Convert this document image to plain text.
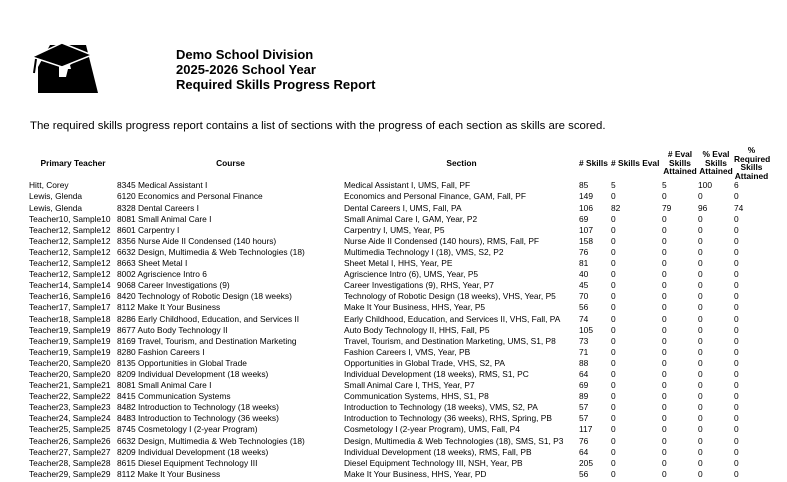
Demo School Division
2025-2026 School Year
Required Skills Progress Report
The required skills progress report contains a list of sections with the progress of each section as skills are scored.
Primary Teacher	Course	Section	# Skills	# Skills Eval	# Eval Skills Attained	% Eval Skills Attained	% Required Skills Attained
Hitt, Corey	8345 Medical Assistant I	Medical Assistant I, UMS, Fall, PF	85	5	5	100	6
Lewis, Glenda	6120 Economics and Personal Finance	Economics and Personal Finance, GAM, Fall, PF	149	0	0	0	0
Lewis, Glenda	8328 Dental Careers I	Dental Careers I, UMS, Fall, PA	106	82	79	96	74
Teacher10, Sample10	8081 Small Animal Care I	Small Animal Care I, GAM, Year, P2	69	0	0	0	0
Teacher12, Sample12	8601 Carpentry I	Carpentry I, UMS, Year, P5	107	0	0	0	0
Teacher12, Sample12	8356 Nurse Aide II Condensed (140 hours)	Nurse Aide II Condensed (140 hours), RMS, Fall, PF	158	0	0	0	0
Teacher12, Sample12	6632 Design, Multimedia & Web Technologies (18)	Multimedia Technology I (18), VMS, S2, P2	76	0	0	0	0
Teacher12, Sample12	8663 Sheet Metal I	Sheet Metal I, HHS, Year, PE	81	0	0	0	0
Teacher12, Sample12	8002 Agriscience Intro 6	Agriscience Intro (6), UMS, Year, P5	40	0	0	0	0
Teacher14, Sample14	9068 Career Investigations (9)	Career Investigations (9), RHS, Year, P7	45	0	0	0	0
Teacher16, Sample16	8420 Technology of Robotic Design (18 weeks)	Technology of Robotic Design (18 weeks), VHS, Year, P5	70	0	0	0	0
Teacher17, Sample17	8112 Make It Your Business	Make It Your Business, HHS, Year, P5	56	0	0	0	0
Teacher18, Sample18	8286 Early Childhood, Education, and Services II	Early Childhood, Education, and Services II, VHS, Fall, PA	74	0	0	0	0
Teacher19, Sample19	8677 Auto Body Technology II	Auto Body Technology II, HHS, Fall, P5	105	0	0	0	0
Teacher19, Sample19	8169 Travel, Tourism, and Destination Marketing	Travel, Tourism, and Destination Marketing, UMS, S1, P8	73	0	0	0	0
Teacher19, Sample19	8280 Fashion Careers I	Fashion Careers I, VMS, Year, PB	71	0	0	0	0
Teacher20, Sample20	8135 Opportunities in Global Trade	Opportunities in Global Trade, VHS, S2, PA	88	0	0	0	0
Teacher20, Sample20	8209 Individual Development (18 weeks)	Individual Development (18 weeks), RMS, S1, PC	64	0	0	0	0
Teacher21, Sample21	8081 Small Animal Care I	Small Animal Care I, THS, Year, P7	69	0	0	0	0
Teacher22, Sample22	8415 Communication Systems	Communication Systems, HHS, S1, P8	89	0	0	0	0
Teacher23, Sample23	8482 Introduction to Technology (18 weeks)	Introduction to Technology (18 weeks), VMS, S2, PA	57	0	0	0	0
Teacher24, Sample24	8483 Introduction to Technology (36 weeks)	Introduction to Technology (36 weeks), RHS, Spring, PB	57	0	0	0	0
Teacher25, Sample25	8745 Cosmetology I (2-year Program)	Cosmetology I (2-year Program), UMS, Fall, P4	117	0	0	0	0
Teacher26, Sample26	6632 Design, Multimedia & Web Technologies (18)	Design, Multimedia & Web Technologies (18), SMS, S1, P3	76	0	0	0	0
Teacher27, Sample27	8209 Individual Development (18 weeks)	Individual Development (18 weeks), RMS, Fall, PB	64	0	0	0	0
Teacher28, Sample28	8615 Diesel Equipment Technology III	Diesel Equipment Technology III, NSH, Year, PB	205	0	0	0	0
Teacher29, Sample29	8112 Make It Your Business	Make It Your Business, HHS, Year, PD	56	0	0	0	0
